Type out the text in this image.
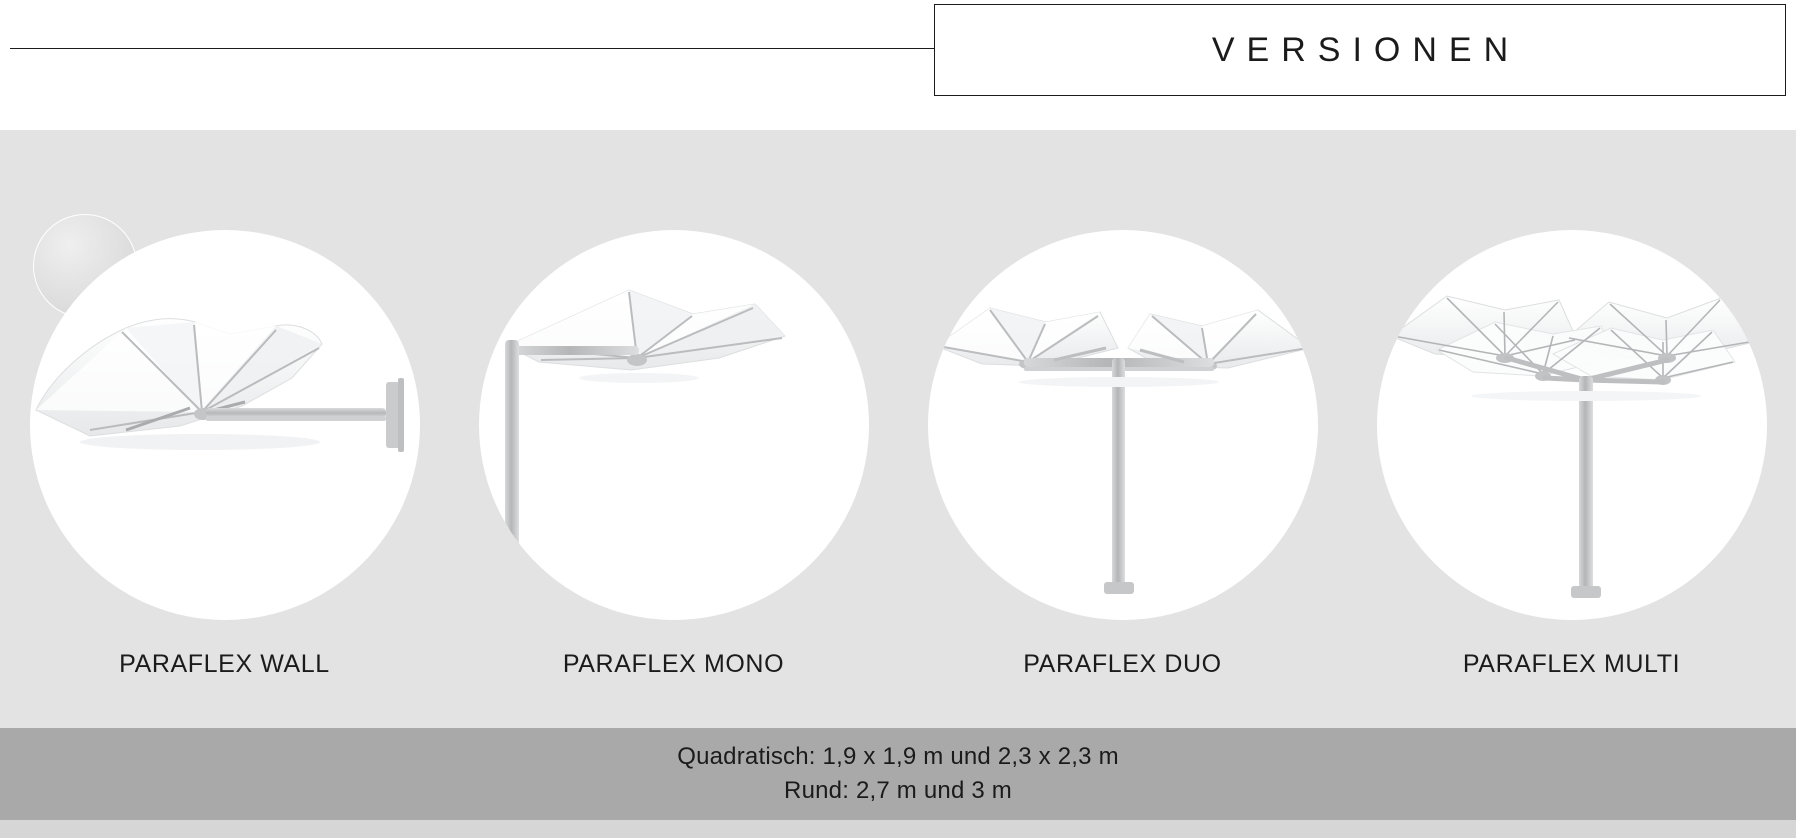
VERSIONEN
PARAFLEX WALL	PARAFLEX MONO	PARAFLEX DUO	PARAFLEX MULTI
Quadratisch: 1,9 x 1,9 m und 2,3 x 2,3 m
Rund: 2,7 m und 3 m
